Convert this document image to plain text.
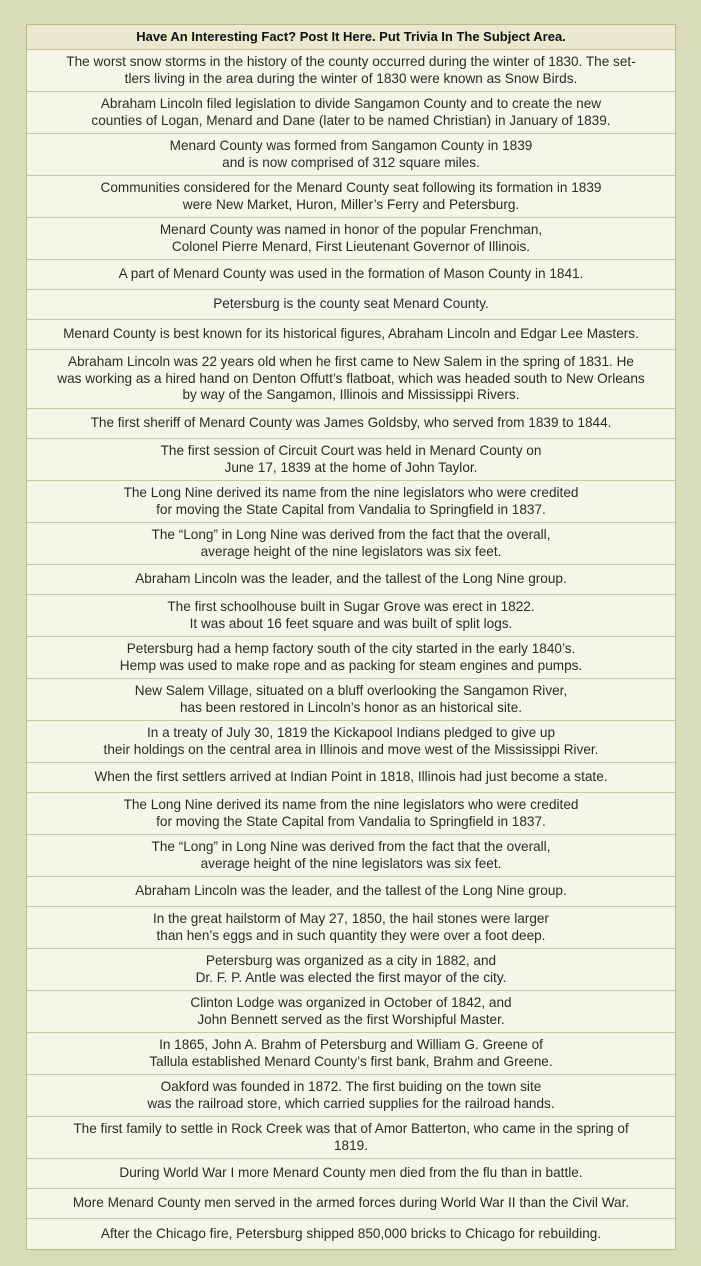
Have An Interesting Fact? Post It Here. Put Trivia In The Subject Area.
The worst snow storms in the history of the county occurred during the winter of 1830. The set-
tlers living in the area during the winter of 1830 were known as Snow Birds.
Abraham Lincoln filed legislation to divide Sangamon County and to create the new
counties of Logan, Menard and Dane (later to be named Christian) in January of 1839.
Menard County was formed from Sangamon County in 1839
and is now comprised of 312 square miles.
Communities considered for the Menard County seat following its formation in 1839
were New Market, Huron, Miller’s Ferry and Petersburg.
Menard County was named in honor of the popular Frenchman,
Colonel Pierre Menard, First Lieutenant Governor of Illinois.
A part of Menard County was used in the formation of Mason County in 1841.
Petersburg is the county seat Menard County.
Menard County is best known for its historical figures, Abraham Lincoln and Edgar Lee Masters.
Abraham Lincoln was 22 years old when he first came to New Salem in the spring of 1831. He
was working as a hired hand on Denton Offutt’s flatboat, which was headed south to New Orleans
by way of the Sangamon, Illinois and Mississippi Rivers.
The first sheriff of Menard County was James Goldsby, who served from 1839 to 1844.
The first session of Circuit Court was held in Menard County on
June 17, 1839 at the home of John Taylor.
The Long Nine derived its name from the nine legislators who were credited
for moving the State Capital from Vandalia to Springfield in 1837.
The “Long” in Long Nine was derived from the fact that the overall,
average height of the nine legislators was six feet.
Abraham Lincoln was the leader, and the tallest of the Long Nine group.
The first schoolhouse built in Sugar Grove was erect in 1822.
It was about 16 feet square and was built of split logs.
Petersburg had a hemp factory south of the city started in the early 1840’s.
Hemp was used to make rope and as packing for steam engines and pumps.
New Salem Village, situated on a bluff overlooking the Sangamon River,
has been restored in Lincoln’s honor as an historical site.
In a treaty of July 30, 1819 the Kickapool Indians pledged to give up
their holdings on the central area in Illinois and move west of the Mississippi River.
When the first settlers arrived at Indian Point in 1818, Illinois had just become a state.
The Long Nine derived its name from the nine legislators who were credited
for moving the State Capital from Vandalia to Springfield in 1837.
The “Long” in Long Nine was derived from the fact that the overall,
average height of the nine legislators was six feet.
Abraham Lincoln was the leader, and the tallest of the Long Nine group.
In the great hailstorm of May 27, 1850, the hail stones were larger
than hen’s eggs and in such quantity they were over a foot deep.
Petersburg was organized as a city in 1882, and
Dr. F. P. Antle was elected the first mayor of the city.
Clinton Lodge was organized in October of 1842, and
John Bennett served as the first Worshipful Master.
In 1865, John A. Brahm of Petersburg and William G. Greene of
Tallula established Menard County’s first bank, Brahm and Greene.
Oakford was founded in 1872. The first buiding on the town site
was the railroad store, which carried supplies for the railroad hands.
The first family to settle in Rock Creek was that of Amor Batterton, who came in the spring of
1819.
During World War I more Menard County men died from the flu than in battle.
More Menard County men served in the armed forces during World War II than the Civil War.
After the Chicago fire, Petersburg shipped 850,000 bricks to Chicago for rebuilding.
